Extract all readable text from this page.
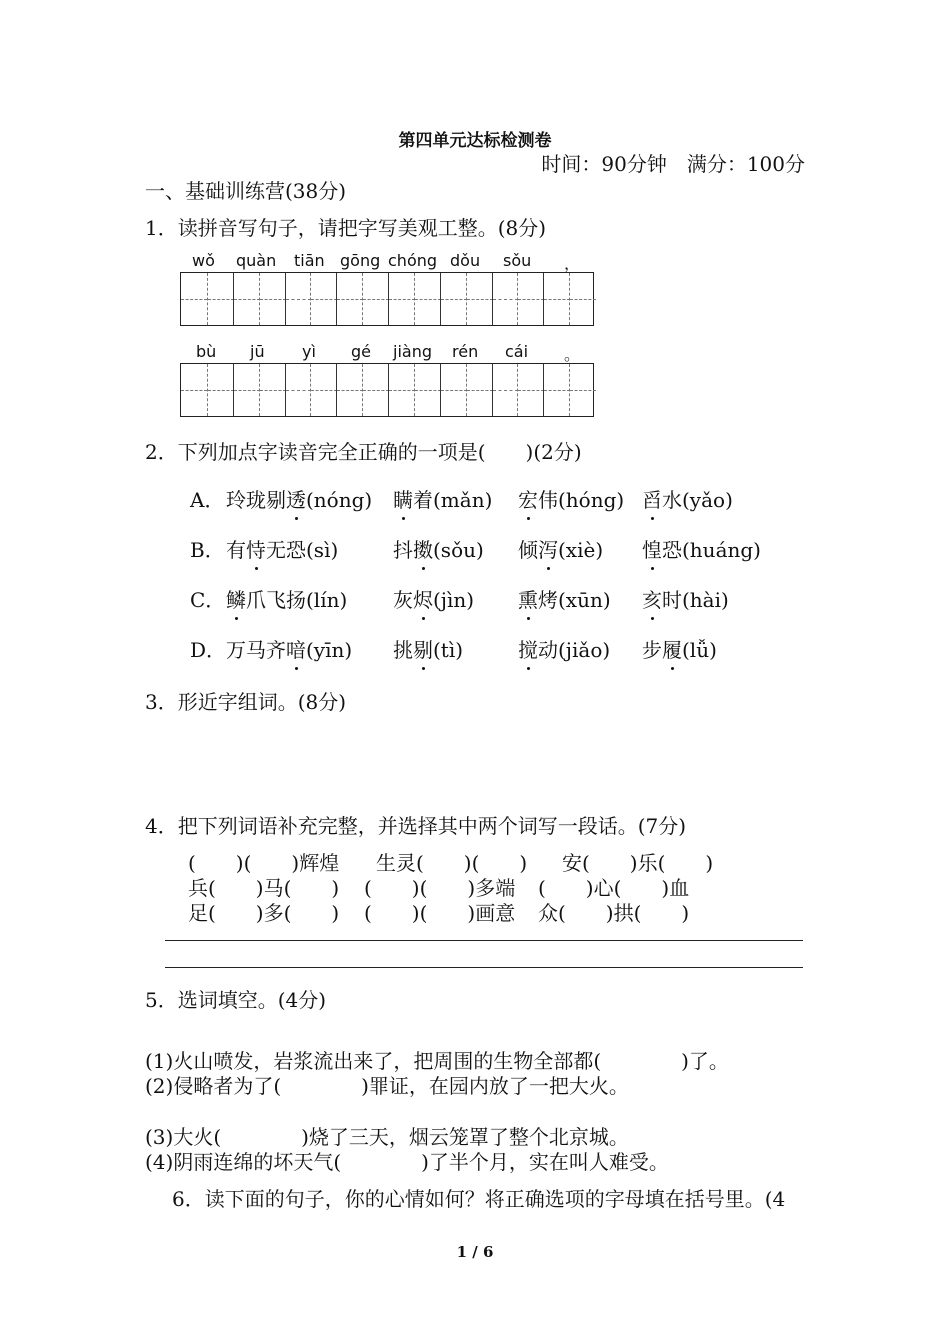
第四单元达标检测卷
时间：90分钟　满分：100分
一、基础训练营(38分)
1．读拼音写句子，请把字写美观工整。(8分)
wǒ quàn tiān gōng chóng dǒu sǒu ，
bù jū yì gé jiàng rén cái 。
2．下列加点字读音完全正确的一项是(　　)(2分)
A． 玲珑剔透(nóng) 瞒着(mǎn) 宏伟(hóng) 舀水(yǎo)
B． 有恃无恐(sì)	抖擞(sǒu) 倾泻(xiè) 惶恐(huáng)
C． 鳞爪飞扬(lín) 灰烬(jìn) 熏烤(xūn) 亥时(hài)
D． 万马齐喑(yīn) 挑剔(tì)	搅动(jiǎo) 步履(lǚ)
3．形近字组词。(8分)
4．把下列词语补充完整，并选择其中两个词写一段话。(7分)
(　　)(　　)辉煌 生灵(　　)(　　) 安(　　)乐(　　)
兵(　　)马(　　) (　　)(　　)多端 (　　)心(　　)血
足(　　)多(　　) (　　)(　　)画意 众(　　)拱(　　)
5．选词填空。(4分)
(1)火山喷发，岩浆流出来了，把周围的生物全部都(　　　　)了。
(2)侵略者为了(　　　　)罪证，在园内放了一把大火。
(3)大火(　　　　)烧了三天，烟云笼罩了整个北京城。
(4)阴雨连绵的坏天气(　　　　)了半个月，实在叫人难受。
6．读下面的句子，你的心情如何？将正确选项的字母填在括号里。(4
1 / 6
